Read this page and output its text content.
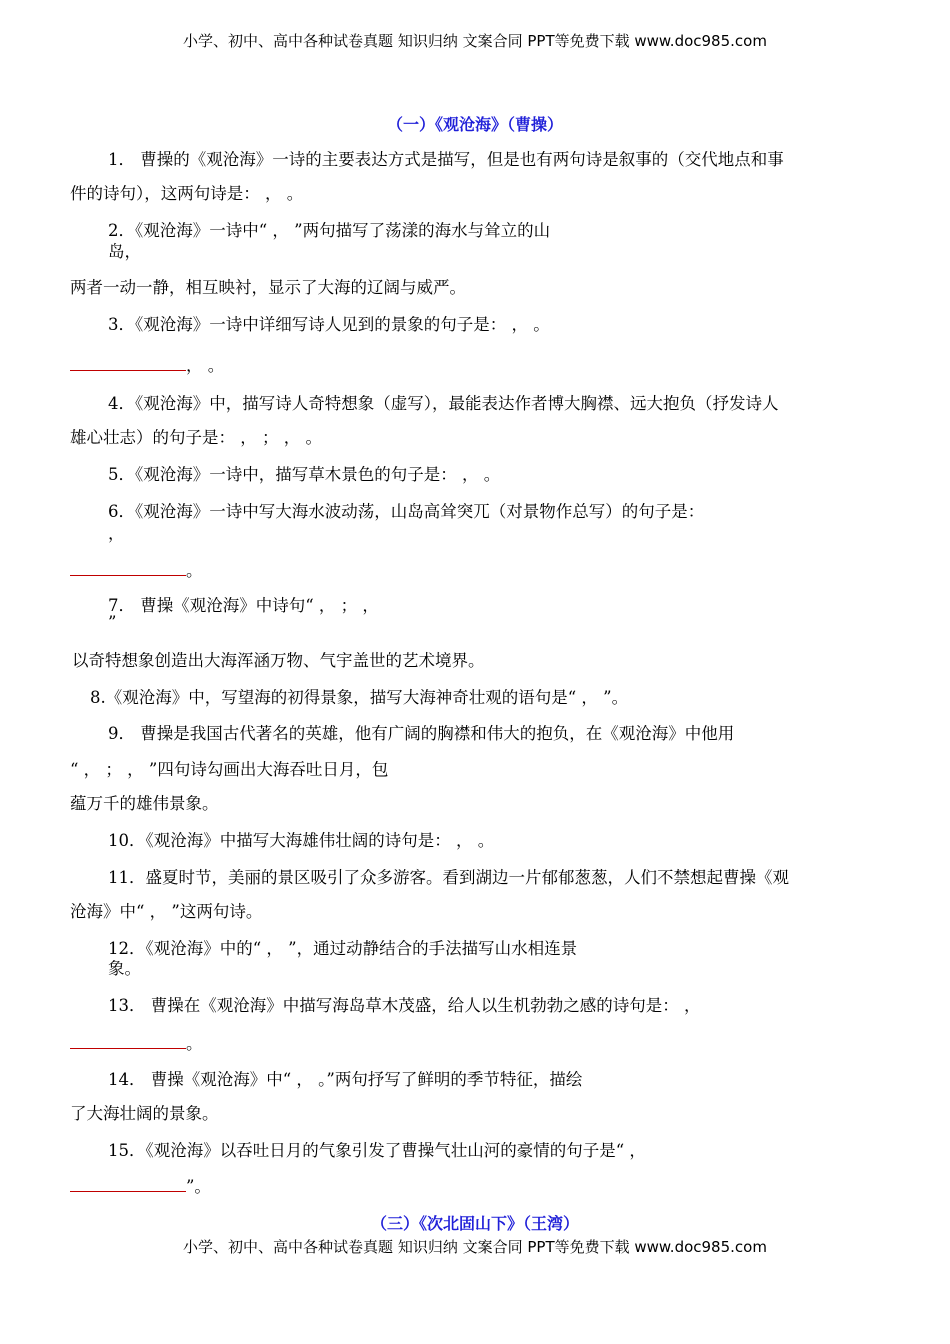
小学、初中、高中各种试卷真题 知识归纳 文案合同 PPT等免费下载 www.doc985.com
（一）《观沧海》（曹操）
1． 曹操的《观沧海》一诗的主要表达方式是描写，但是也有两句诗是叙事的（交代地点和事
件的诗句），这两句诗是： ， 。
2．《观沧海》一诗中“ ， ”两句描写了荡漾的海水与耸立的山
岛，
两者一动一静，相互映衬，显示了大海的辽阔与威严。
3．《观沧海》一诗中详细写诗人见到的景象的句子是： ， 。
， 。
4．《观沧海》中，描写诗人奇特想象（虚写），最能表达作者博大胸襟、远大抱负（抒发诗人
雄心壮志）的句子是： ， ； ， 。
5．《观沧海》一诗中，描写草木景色的句子是： ， 。
6．《观沧海》一诗中写大海水波动荡，山岛高耸突兀（对景物作总写）的句子是：
，
。
7． 曹操《观沧海》中诗句“ ， ； ，
”
以奇特想象创造出大海浑涵万物、气宇盖世的艺术境界。
8.《观沧海》中，写望海的初得景象，描写大海神奇壮观的语句是“ ， ”。
9． 曹操是我国古代著名的英雄，他有广阔的胸襟和伟大的抱负，在《观沧海》中他用
“ ， ； ， ”四句诗勾画出大海吞吐日月，包
蕴万千的雄伟景象。
10．《观沧海》中描写大海雄伟壮阔的诗句是： ， 。
11．盛夏时节，美丽的景区吸引了众多游客。看到湖边一片郁郁葱葱，人们不禁想起曹操《观
沧海》中“ ， ”这两句诗。
12．《观沧海》中的“ ， ”，通过动静结合的手法描写山水相连景
象。
13． 曹操在《观沧海》中描写海岛草木茂盛，给人以生机勃勃之感的诗句是： ，
。
14． 曹操《观沧海》中“ ， 。”两句抒写了鲜明的季节特征，描绘
了大海壮阔的景象。
15．《观沧海》以吞吐日月的气象引发了曹操气壮山河的豪情的句子是“ ，
”。
（三）《次北固山下》（王湾）
小学、初中、高中各种试卷真题 知识归纳 文案合同 PPT等免费下载 www.doc985.com
